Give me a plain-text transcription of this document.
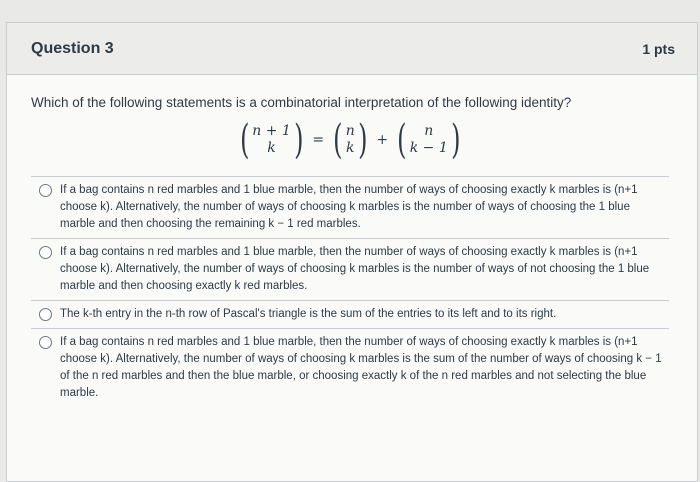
Question 3	1 pts
Which of the following statements is a combinatorial interpretation of the following identity?
( n + 1
k ) = ( n
k ) + ( n
k − 1 )
If a bag contains n red marbles and 1 blue marble, then the number of ways of choosing exactly k marbles is (n+1 choose k). Alternatively, the number of ways of choosing k marbles is the number of ways of choosing the 1 blue marble and then choosing the remaining k − 1 red marbles.
If a bag contains n red marbles and 1 blue marble, then the number of ways of choosing exactly k marbles is (n+1 choose k). Alternatively, the number of ways of choosing k marbles is the number of ways of not choosing the 1 blue marble and then choosing exactly k red marbles.
The k-th entry in the n-th row of Pascal's triangle is the sum of the entries to its left and to its right.
If a bag contains n red marbles and 1 blue marble, then the number of ways of choosing exactly k marbles is (n+1 choose k). Alternatively, the number of ways of choosing k marbles is the sum of the number of ways of choosing k − 1 of the n red marbles and then the blue marble, or choosing exactly k of the n red marbles and not selecting the blue marble.
